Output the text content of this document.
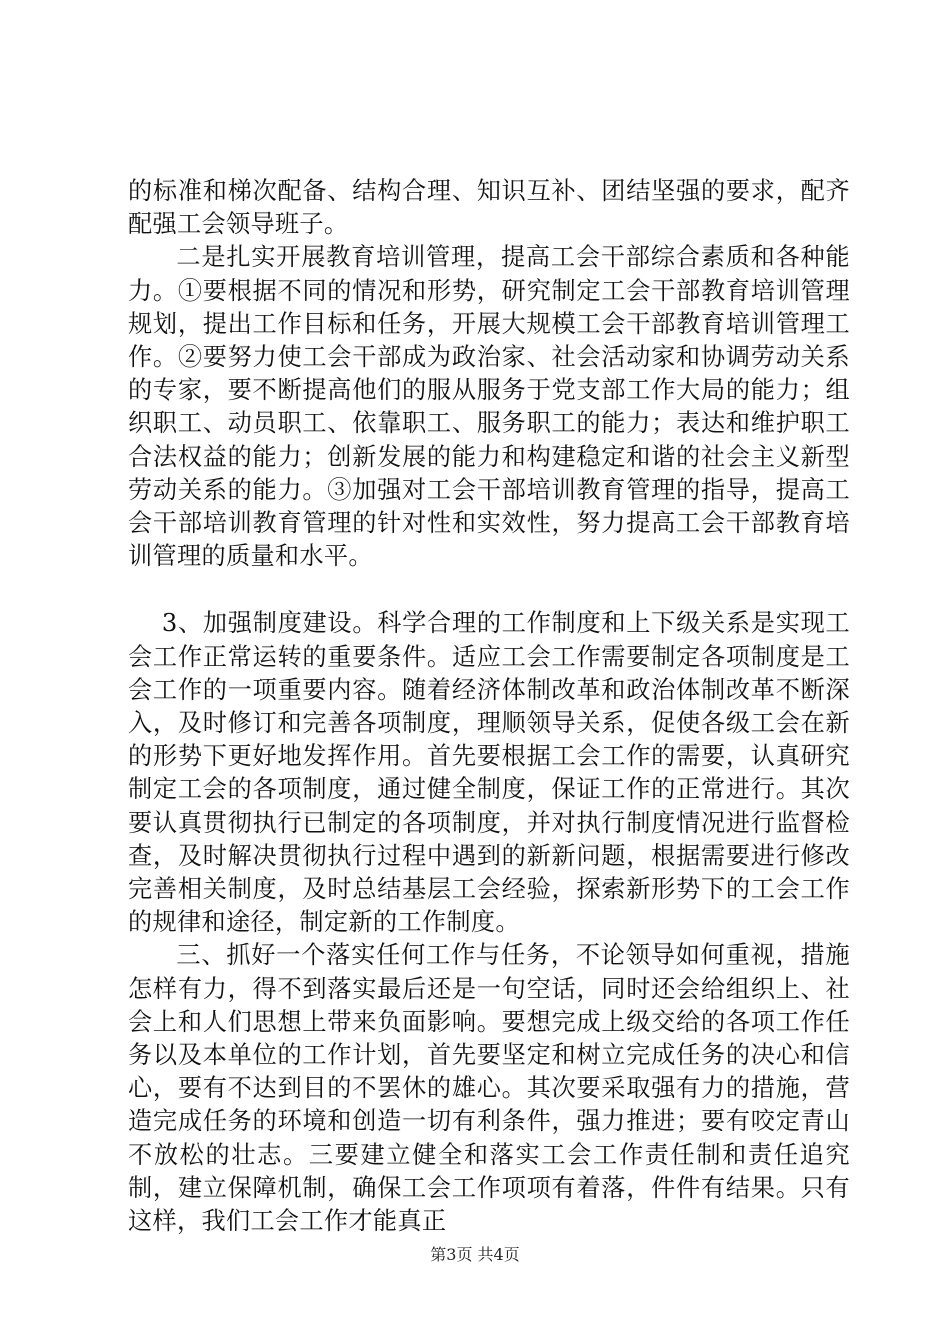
的标准和梯次配备、结构合理、知识互补、团结坚强的要求，配齐配强工会领导班子。

二是扎实开展教育培训管理，提高工会干部综合素质和各种能力。①要根据不同的情况和形势，研究制定工会干部教育培训管理规划，提出工作目标和任务，开展大规模工会干部教育培训管理工作。②要努力使工会干部成为政治家、社会活动家和协调劳动关系的专家，要不断提高他们的服从服务于党支部工作大局的能力；组织职工、动员职工、依靠职工、服务职工的能力；表达和维护职工合法权益的能力；创新发展的能力和构建稳定和谐的社会主义新型劳动关系的能力。③加强对工会干部培训教育管理的指导，提高工会干部培训教育管理的针对性和实效性，努力提高工会干部教育培训管理的质量和水平。

3、加强制度建设。科学合理的工作制度和上下级关系是实现工会工作正常运转的重要条件。适应工会工作需要制定各项制度是工会工作的一项重要内容。随着经济体制改革和政治体制改革不断深入，及时修订和完善各项制度，理顺领导关系，促使各级工会在新的形势下更好地发挥作用。首先要根据工会工作的需要，认真研究制定工会的各项制度，通过健全制度，保证工作的正常进行。其次要认真贯彻执行已制定的各项制度，并对执行制度情况进行监督检查，及时解决贯彻执行过程中遇到的新新问题，根据需要进行修改完善相关制度，及时总结基层工会经验，探索新形势下的工会工作的规律和途径，制定新的工作制度。

三、抓好一个落实任何工作与任务，不论领导如何重视，措施怎样有力，得不到落实最后还是一句空话，同时还会给组织上、社会上和人们思想上带来负面影响。要想完成上级交给的各项工作任务以及本单位的工作计划，首先要坚定和树立完成任务的决心和信心，要有不达到目的不罢休的雄心。其次要采取强有力的措施，营造完成任务的环境和创造一切有利条件，强力推进；要有咬定青山不放松的壮志。三要建立健全和落实工会工作责任制和责任追究制，建立保障机制，确保工会工作项项有着落，件件有结果。只有这样，我们工会工作才能真正

第3页 共4页
